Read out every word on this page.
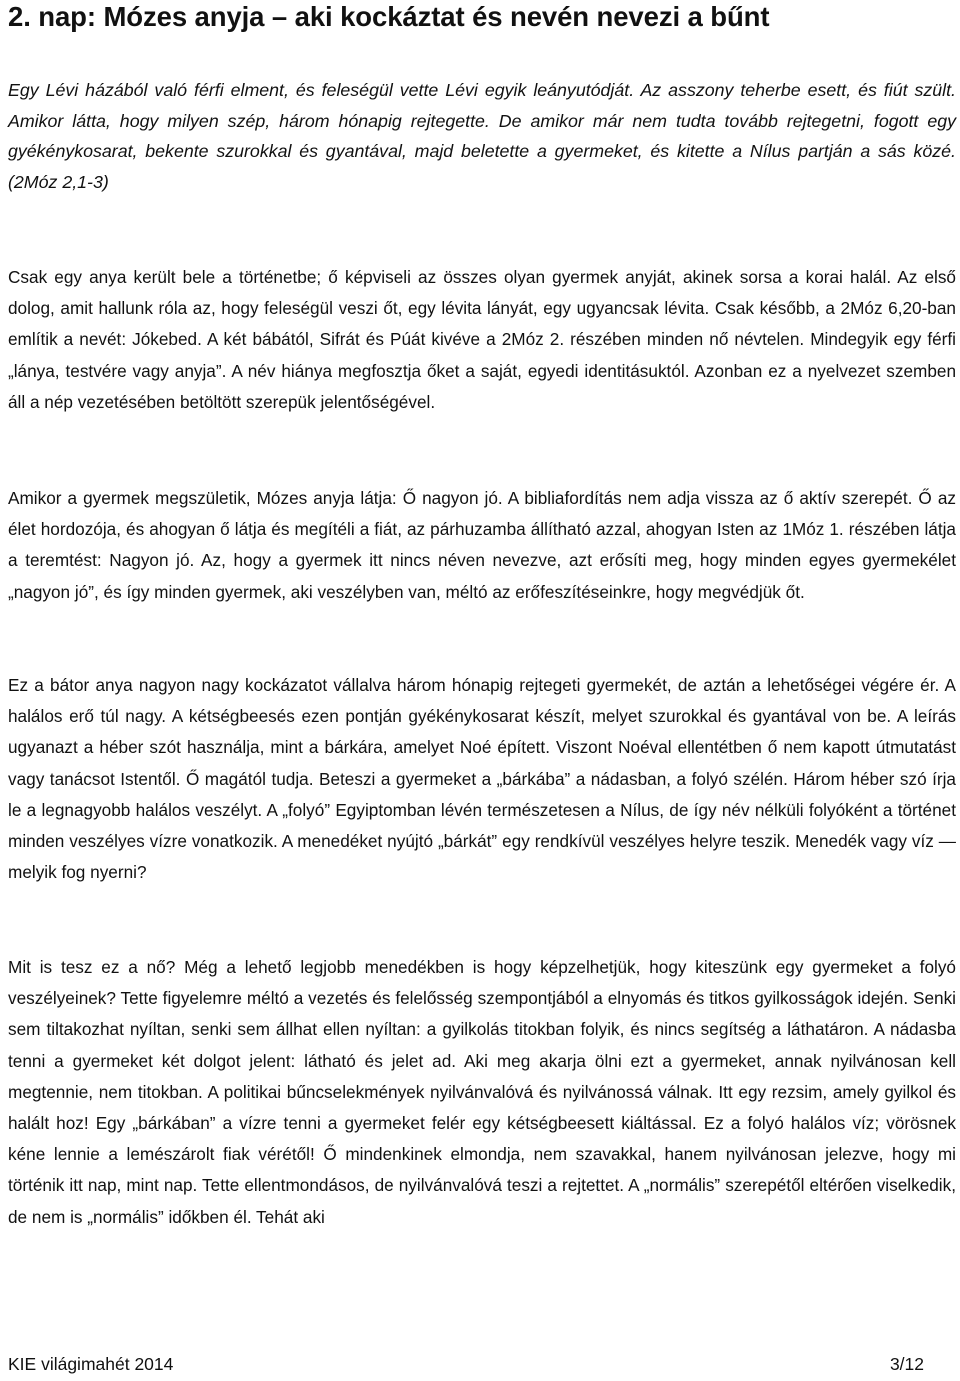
2. nap: Mózes anyja – aki kockáztat és nevén nevezi a bűnt

Egy Lévi házából való férfi elment, és feleségül vette Lévi egyik leányutódját. Az asszony teherbe esett, és fiút szült. Amikor látta, hogy milyen szép, három hónapig rejtegette. De amikor már nem tudta tovább rejtegetni, fogott egy gyékénykosarat, bekente szurokkal és gyantával, majd beletette a gyermeket, és kitette a Nílus partján a sás közé. (2Móz 2,1-3)

Csak egy anya került bele a történetbe; ő képviseli az összes olyan gyermek anyját, akinek sorsa a korai halál. Az első dolog, amit hallunk róla az, hogy feleségül veszi őt, egy lévita lányát, egy ugyancsak lévita. Csak később, a 2Móz 6,20-ban említik a nevét: Jókebed. A két bábától, Sifrát és Púát kivéve a 2Móz 2. részében minden nő névtelen. Mindegyik egy férfi „lánya, testvére vagy anyja”. A név hiánya megfosztja őket a saját, egyedi identitásuktól. Azonban ez a nyelvezet szemben áll a nép vezetésében betöltött szerepük jelentőségével.

Amikor a gyermek megszületik, Mózes anyja látja: Ő nagyon jó. A bibliafordítás nem adja vissza az ő aktív szerepét. Ő az élet hordozója, és ahogyan ő látja és megítéli a fiát, az párhuzamba állítható azzal, ahogyan Isten az 1Móz 1. részében látja a teremtést: Nagyon jó. Az, hogy a gyermek itt nincs néven nevezve, azt erősíti meg, hogy minden egyes gyermekélet „nagyon jó”, és így minden gyermek, aki veszélyben van, méltó az erőfeszítéseinkre, hogy megvédjük őt.

Ez a bátor anya nagyon nagy kockázatot vállalva három hónapig rejtegeti gyermekét, de aztán a lehetőségei végére ér. A halálos erő túl nagy. A kétségbeesés ezen pontján gyékénykosarat készít, melyet szurokkal és gyantával von be. A leírás ugyanazt a héber szót használja, mint a bárkára, amelyet Noé épített. Viszont Noéval ellentétben ő nem kapott útmutatást vagy tanácsot Istentől. Ő magától tudja. Beteszi a gyermeket a „bárkába” a nádasban, a folyó szélén. Három héber szó írja le a legnagyobb halálos veszélyt. A „folyó” Egyiptomban lévén természetesen a Nílus, de így név nélküli folyóként a történet minden veszélyes vízre vonatkozik. A menedéket nyújtó „bárkát” egy rendkívül veszélyes helyre teszik. Menedék vagy víz — melyik fog nyerni?

Mit is tesz ez a nő? Még a lehető legjobb menedékben is hogy képzelhetjük, hogy kiteszünk egy gyermeket a folyó veszélyeinek? Tette figyelemre méltó a vezetés és felelősség szempontjából a elnyomás és titkos gyilkosságok idején. Senki sem tiltakozhat nyíltan, senki sem állhat ellen nyíltan: a gyilkolás titokban folyik, és nincs segítség a láthatáron. A nádasba tenni a gyermeket két dolgot jelent: látható és jelet ad. Aki meg akarja ölni ezt a gyermeket, annak nyilvánosan kell megtennie, nem titokban. A politikai bűncselekmények nyilvánvalóvá és nyilvánossá válnak. Itt egy rezsim, amely gyilkol és halált hoz! Egy „bárkában” a vízre tenni a gyermeket felér egy kétségbeesett kiáltással. Ez a folyó halálos víz; vörösnek kéne lennie a lemészárolt fiak vérétől! Ő mindenkinek elmondja, nem szavakkal, hanem nyilvánosan jelezve, hogy mi történik itt nap, mint nap. Tette ellentmondásos, de nyilvánvalóvá teszi a rejtettet. A „normális” szerepétől eltérően viselkedik, de nem is „normális” időkben él. Tehát aki

KIE világimahét 2014	3/12
